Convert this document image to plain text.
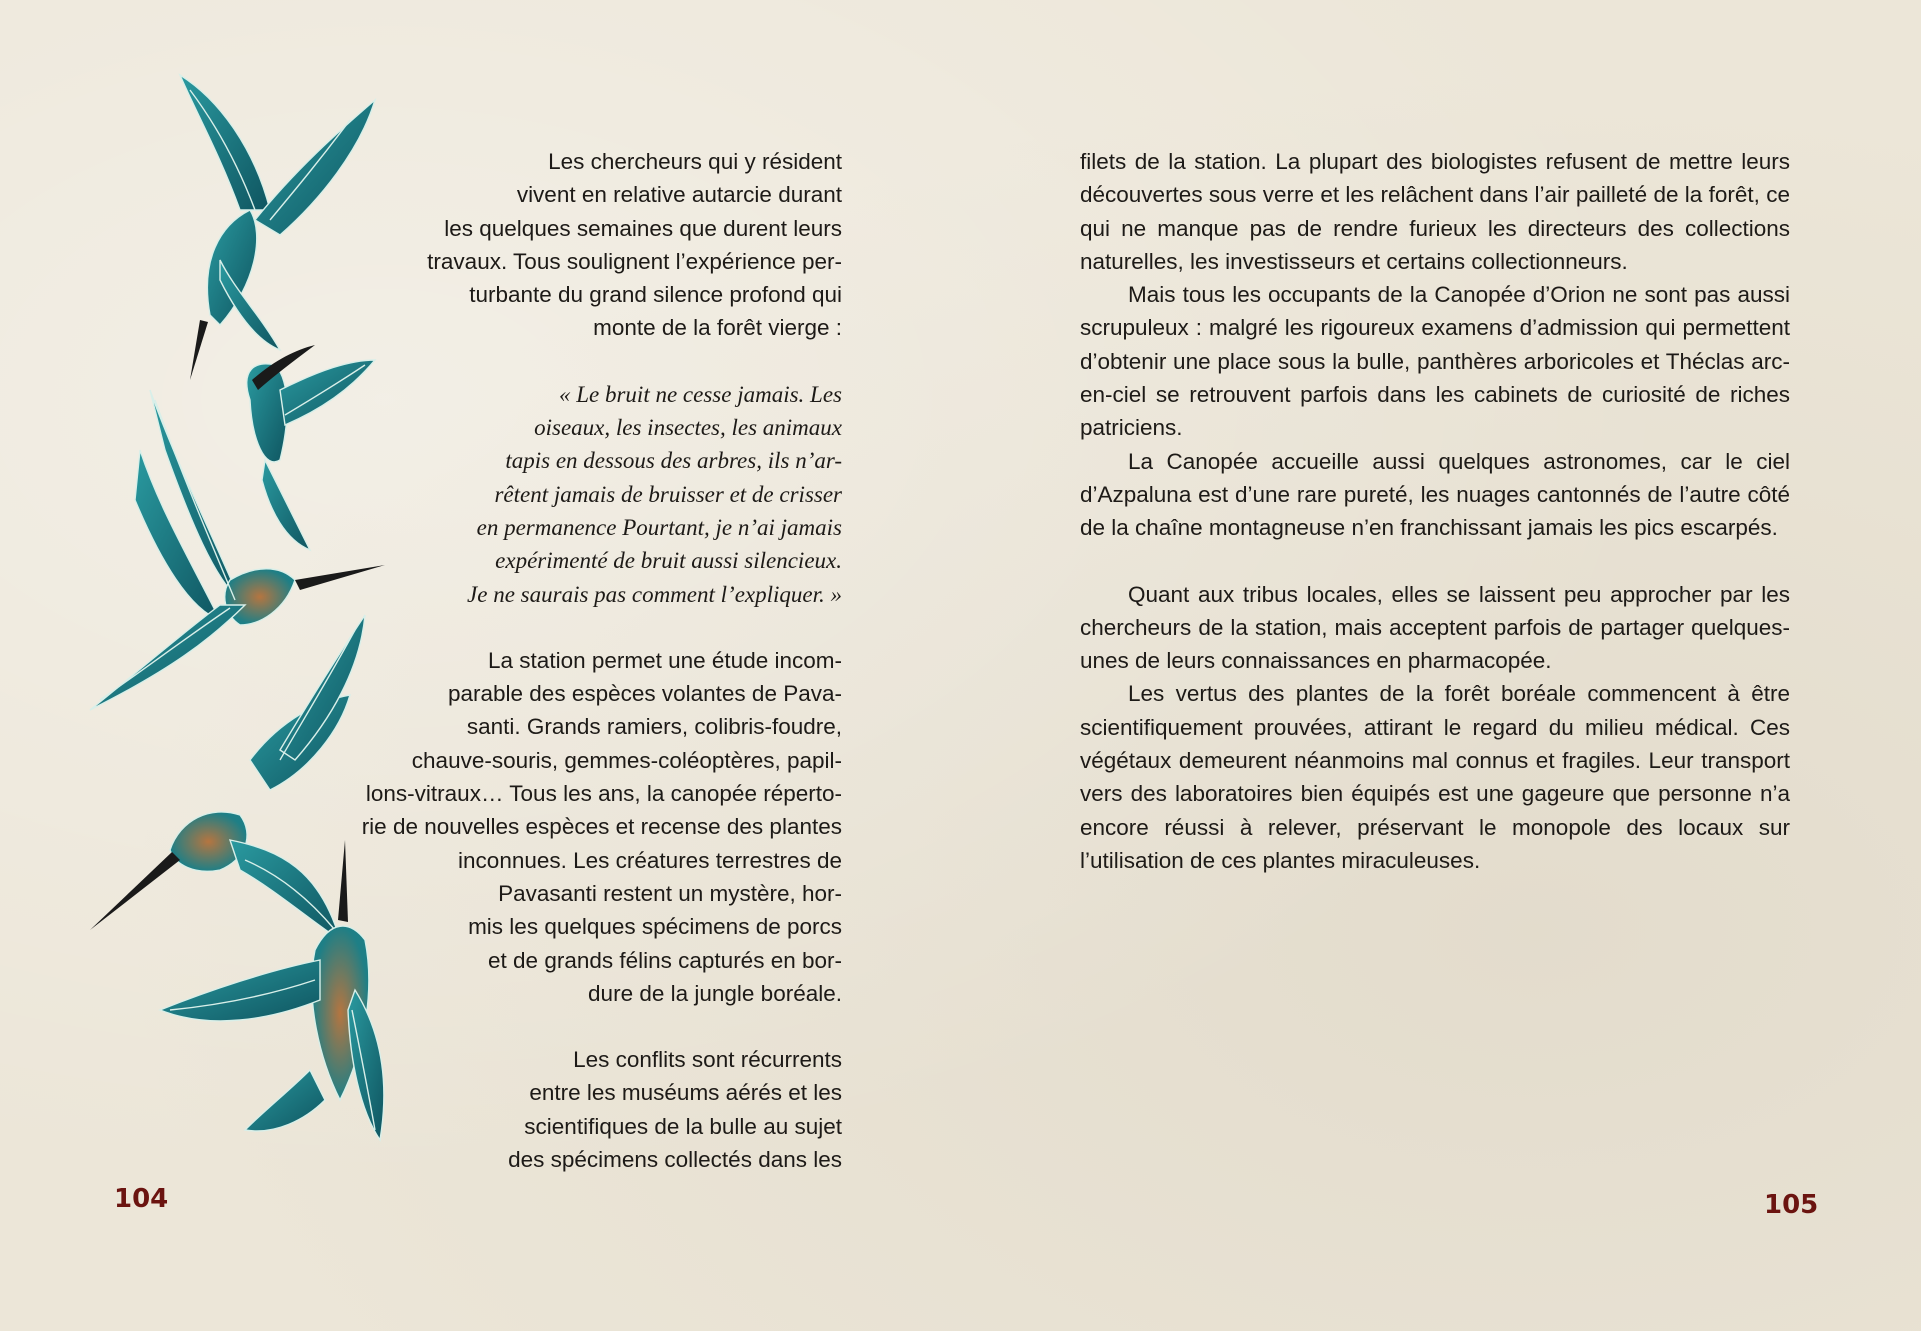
Les chercheurs qui y résident

vivent en relative autarcie durant

les quelques semaines que durent leurs

travaux. Tous soulignent l’expérience per-

turbante du grand silence profond qui

monte de la forêt vierge :

« Le bruit ne cesse jamais. Les

oiseaux, les insectes, les animaux

tapis en dessous des arbres, ils n’ar-

rêtent jamais de bruisser et de crisser

en permanence Pourtant, je n’ai jamais

expérimenté de bruit aussi silencieux.

Je ne saurais pas comment l’expliquer. »

La station permet une étude incom-

parable des espèces volantes de Pava-

santi. Grands ramiers, colibris-foudre,

chauve-souris, gemmes-coléoptères, papil-

lons-vitraux… Tous les ans, la canopée réperto-

rie de nouvelles espèces et recense des plantes

inconnues. Les créatures terrestres de

Pavasanti restent un mystère, hor-

mis les quelques spécimens de porcs

et de grands félins capturés en bor-

dure de la jungle boréale.

Les conflits sont récurrents

entre les muséums aérés et les

scientifiques de la bulle au sujet

des spécimens collectés dans les

104

filets de la station. La plupart des biologistes refusent de mettre leurs découvertes sous verre et les relâchent dans l’air pailleté de la forêt, ce qui ne manque pas de rendre furieux les directeurs des collections naturelles, les investisseurs et certains collectionneurs.

Mais tous les occupants de la Canopée d’Orion ne sont pas aussi scrupuleux : malgré les rigoureux examens d’admission qui permettent d’obtenir une place sous la bulle, panthères arboricoles et Théclas arc-en-ciel se retrouvent parfois dans les cabinets de curiosité de riches patriciens.

La Canopée accueille aussi quelques astronomes, car le ciel d’Azpaluna est d’une rare pureté, les nuages cantonnés de l’autre côté de la chaîne montagneuse n’en franchissant jamais les pics escarpés.

Quant aux tribus locales, elles se laissent peu approcher par les chercheurs de la station, mais acceptent parfois de partager quelques-unes de leurs connaissances en pharmacopée.

Les vertus des plantes de la forêt boréale commencent à être scientifiquement prouvées, attirant le regard du milieu médical. Ces végétaux demeurent néanmoins mal connus et fragiles. Leur transport vers des laboratoires bien équipés est une gageure que personne n’a encore réussi à relever, préservant le monopole des locaux sur l’utilisation de ces plantes miraculeuses.

105
